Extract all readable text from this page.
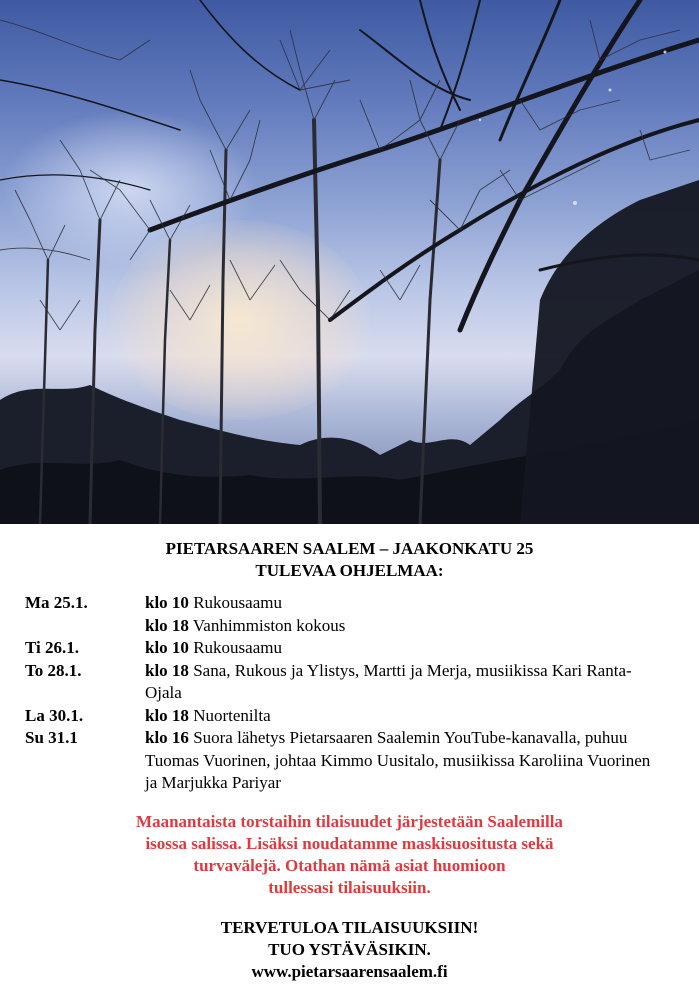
PIETARSAAREN SAALEM – JAAKONKATU 25
TULEVAA OHJELMAA:
Ma 25.1.	klo 10 Rukousaamu
klo 18 Vanhimmiston kokous
Ti 26.1.	klo 10 Rukousaamu
To 28.1.	klo 18 Sana, Rukous ja Ylistys, Martti ja Merja, musiikissa Kari Ranta-Ojala
La 30.1.	klo 18 Nuortenilta
Su 31.1	klo 16 Suora lähetys Pietarsaaren Saalemin YouTube-kanavalla, puhuu Tuomas Vuorinen, johtaa Kimmo Uusitalo, musiikissa Karoliina Vuorinen ja Marjukka Pariyar
Maanantaista torstaihin tilaisuudet järjestetään Saalemilla
isossa salissa. Lisäksi noudatamme maskisuositusta sekä
turvavälejä. Otathan nämä asiat huomioon
tullessasi tilaisuuksiin.
TERVETULOA TILAISUUKSIIN!
TUO YSTÄVÄSIKIN.
www.pietarsaarensaalem.fi
